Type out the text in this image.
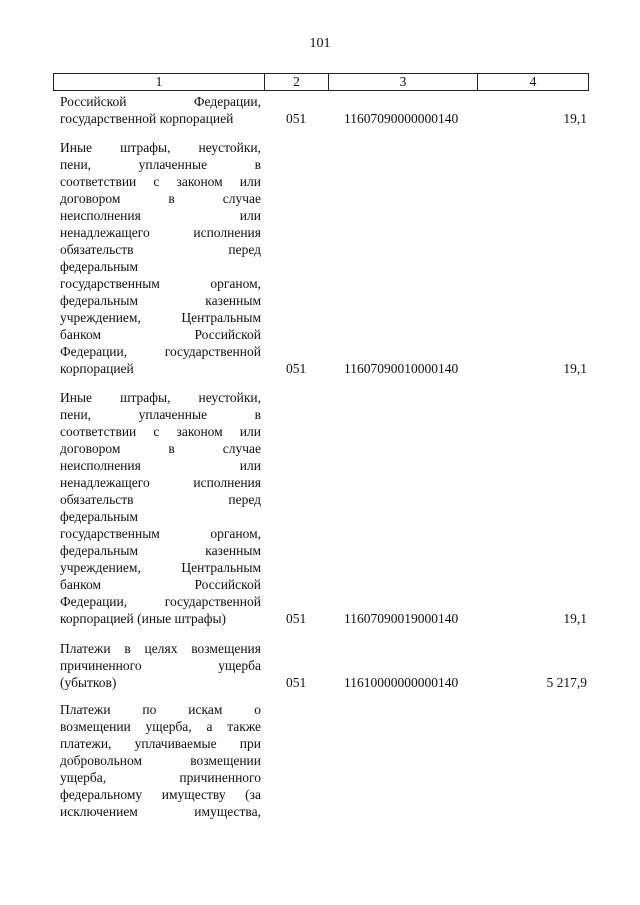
101
1	2	3	4
Российской Федерации,
государственной корпорацией	051	11607090000000140	19,1
Иные штрафы, неустойки,
пени, уплаченные в
соответствии с законом или
договором в случае
неисполнения или
ненадлежащего исполнения
обязательств перед
федеральным
государственным органом,
федеральным казенным
учреждением, Центральным
банком Российской
Федерации, государственной
корпорацией	051	11607090010000140	19,1
Иные штрафы, неустойки,
пени, уплаченные в
соответствии с законом или
договором в случае
неисполнения или
ненадлежащего исполнения
обязательств перед
федеральным
государственным органом,
федеральным казенным
учреждением, Центральным
банком Российской
Федерации, государственной
корпорацией (иные штрафы)	051	11607090019000140	19,1
Платежи в целях возмещения
причиненного ущерба
(убытков)	051	11610000000000140	5 217,9
Платежи по искам о
возмещении ущерба, а также
платежи, уплачиваемые при
добровольном возмещении
ущерба, причиненного
федеральному имуществу (за
исключением имущества,
